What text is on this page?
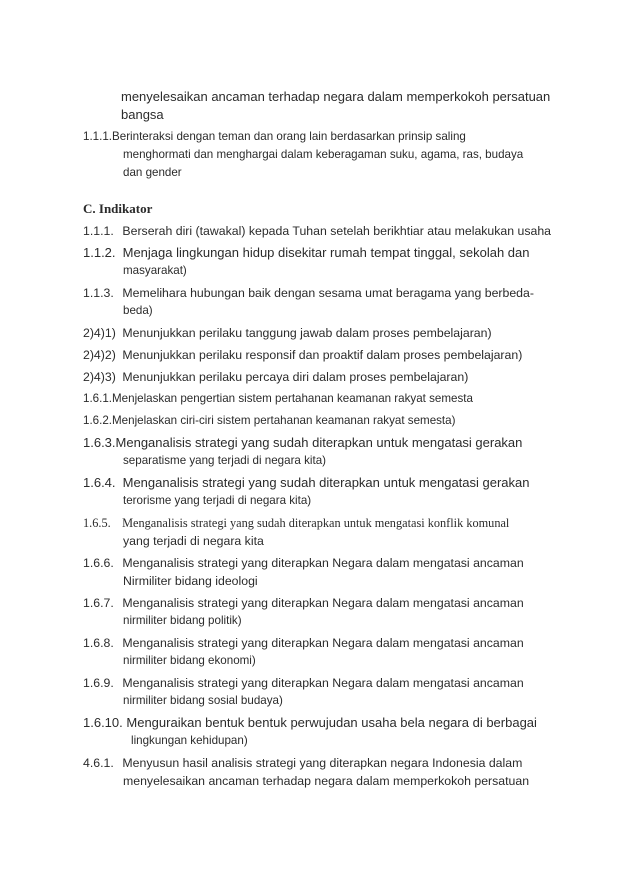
menyelesaikan ancaman terhadap negara dalam memperkokoh persatuan
bangsa
1.1.1.Berinteraksi dengan teman dan orang lain berdasarkan prinsip saling
menghormati dan menghargai dalam keberagaman suku, agama, ras, budaya
dan gender
C. Indikator
1.1.1. Berserah diri (tawakal) kepada Tuhan setelah berikhtiar atau melakukan usaha
1.1.2. Menjaga lingkungan hidup disekitar rumah tempat tinggal, sekolah dan
masyarakat)
1.1.3. Memelihara hubungan baik dengan sesama umat beragama yang berbeda-
beda)
2)4)1) Menunjukkan perilaku tanggung jawab dalam proses pembelajaran)
2)4)2) Menunjukkan perilaku responsif dan proaktif dalam proses pembelajaran)
2)4)3) Menunjukkan perilaku percaya diri dalam proses pembelajaran)
1.6.1.Menjelaskan pengertian sistem pertahanan keamanan rakyat semesta
1.6.2.Menjelaskan ciri-ciri sistem pertahanan keamanan rakyat semesta)
1.6.3.Menganalisis strategi yang sudah diterapkan untuk mengatasi gerakan
separatisme yang terjadi di negara kita)
1.6.4. Menganalisis strategi yang sudah diterapkan untuk mengatasi gerakan
terorisme yang terjadi di negara kita)
1.6.5. Menganalisis strategi yang sudah diterapkan untuk mengatasi konflik komunal
yang terjadi di negara kita
1.6.6. Menganalisis strategi yang diterapkan Negara dalam mengatasi ancaman
Nirmiliter bidang ideologi
1.6.7. Menganalisis strategi yang diterapkan Negara dalam mengatasi ancaman
nirmiliter bidang politik)
1.6.8. Menganalisis strategi yang diterapkan Negara dalam mengatasi ancaman
nirmiliter bidang ekonomi)
1.6.9. Menganalisis strategi yang diterapkan Negara dalam mengatasi ancaman
nirmiliter bidang sosial budaya)
1.6.10. Menguraikan bentuk bentuk perwujudan usaha bela negara di berbagai
lingkungan kehidupan)
4.6.1. Menyusun hasil analisis strategi yang diterapkan negara Indonesia dalam
menyelesaikan ancaman terhadap negara dalam memperkokoh persatuan
